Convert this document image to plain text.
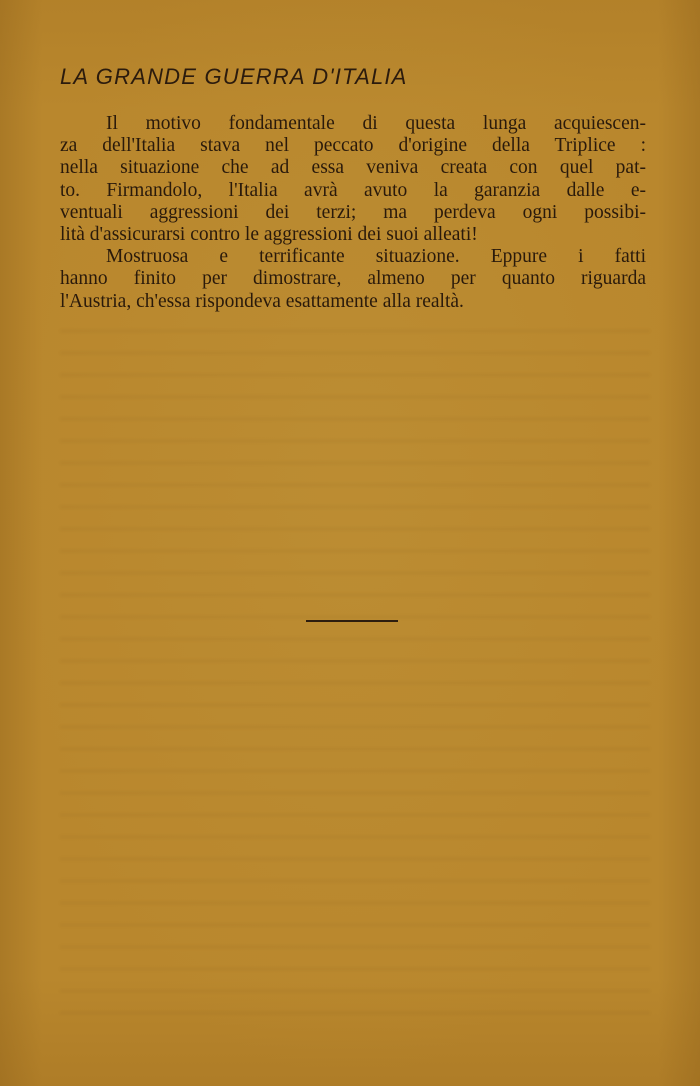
LA GRANDE GUERRA D'ITALIA
Il motivo fondamentale di questa lunga acquiescen-
za dell'Italia stava nel peccato d'origine della Triplice :
nella situazione che ad essa veniva creata con quel pat-
to. Firmandolo, l'Italia avrà avuto la garanzia dalle e-
ventuali aggressioni dei terzi; ma perdeva ogni possibi-
lità d'assicurarsi contro le aggressioni dei suoi alleati!
Mostruosa e terrificante situazione. Eppure i fatti
hanno finito per dimostrare, almeno per quanto riguarda
l'Austria, ch'essa rispondeva esattamente alla realtà.
